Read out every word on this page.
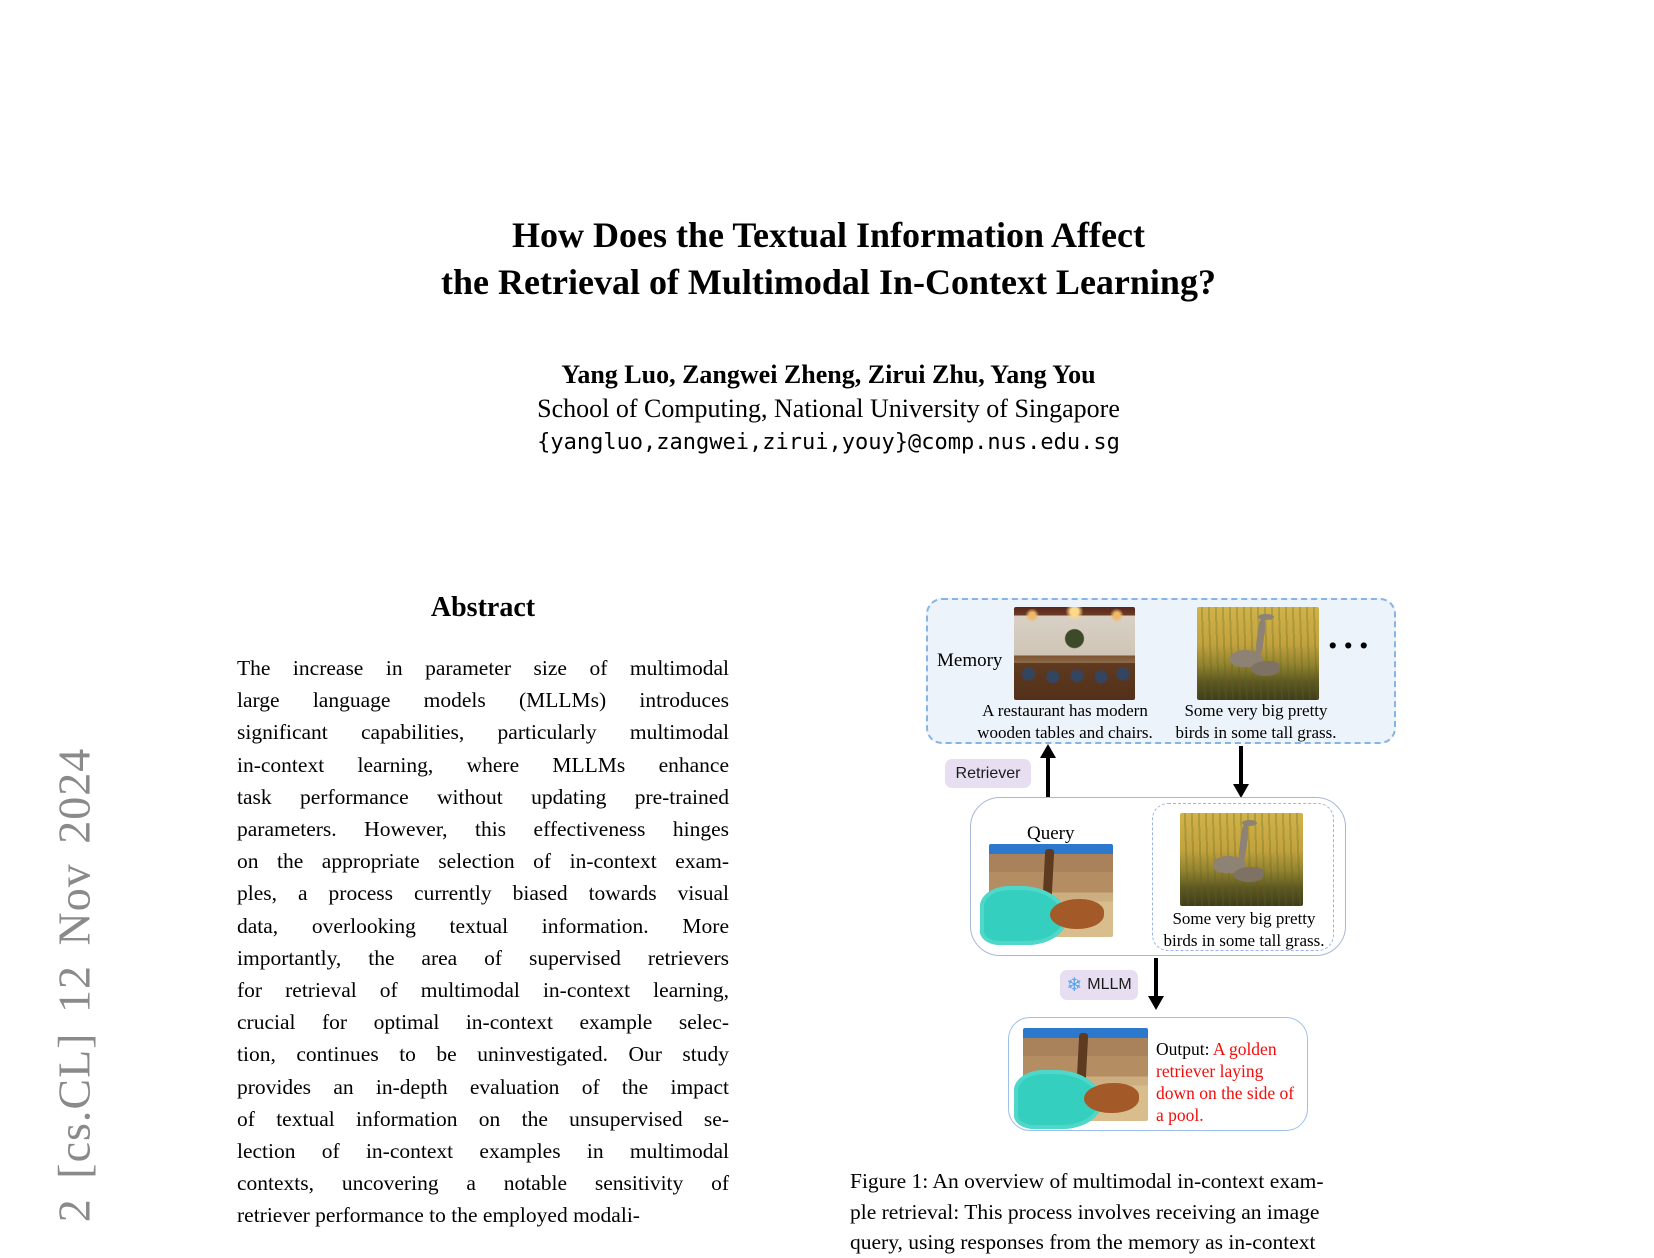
2 [cs.CL] 12 Nov 2024
How Does the Textual Information Affect
the Retrieval of Multimodal In-Context Learning?
Yang Luo, Zangwei Zheng, Zirui Zhu, Yang You
School of Computing, National University of Singapore
{yangluo,zangwei,zirui,youy}@comp.nus.edu.sg
Abstract
The increase in parameter size of multimodal
large language models (MLLMs) introduces
significant capabilities, particularly multimodal
in-context learning, where MLLMs enhance
task performance without updating pre-trained
parameters. However, this effectiveness hinges
on the appropriate selection of in-context exam-
ples, a process currently biased towards visual
data, overlooking textual information. More
importantly, the area of supervised retrievers
for retrieval of multimodal in-context learning,
crucial for optimal in-context example selec-
tion, continues to be uninvestigated. Our study
provides an in-depth evaluation of the impact
of textual information on the unsupervised se-
lection of in-context examples in multimodal
contexts, uncovering a notable sensitivity of
retriever performance to the employed modali-
Memory
A restaurant has modern
wooden tables and chairs.
Some very big pretty
birds in some tall grass.
...
Retriever
Query
Some very big pretty
birds in some tall grass.
❄ MLLM
Output: A golden retriever laying down on the side of a pool.
Figure 1: An overview of multimodal in-context exam-
ple retrieval: This process involves receiving an image
query, using responses from the memory as in-context
